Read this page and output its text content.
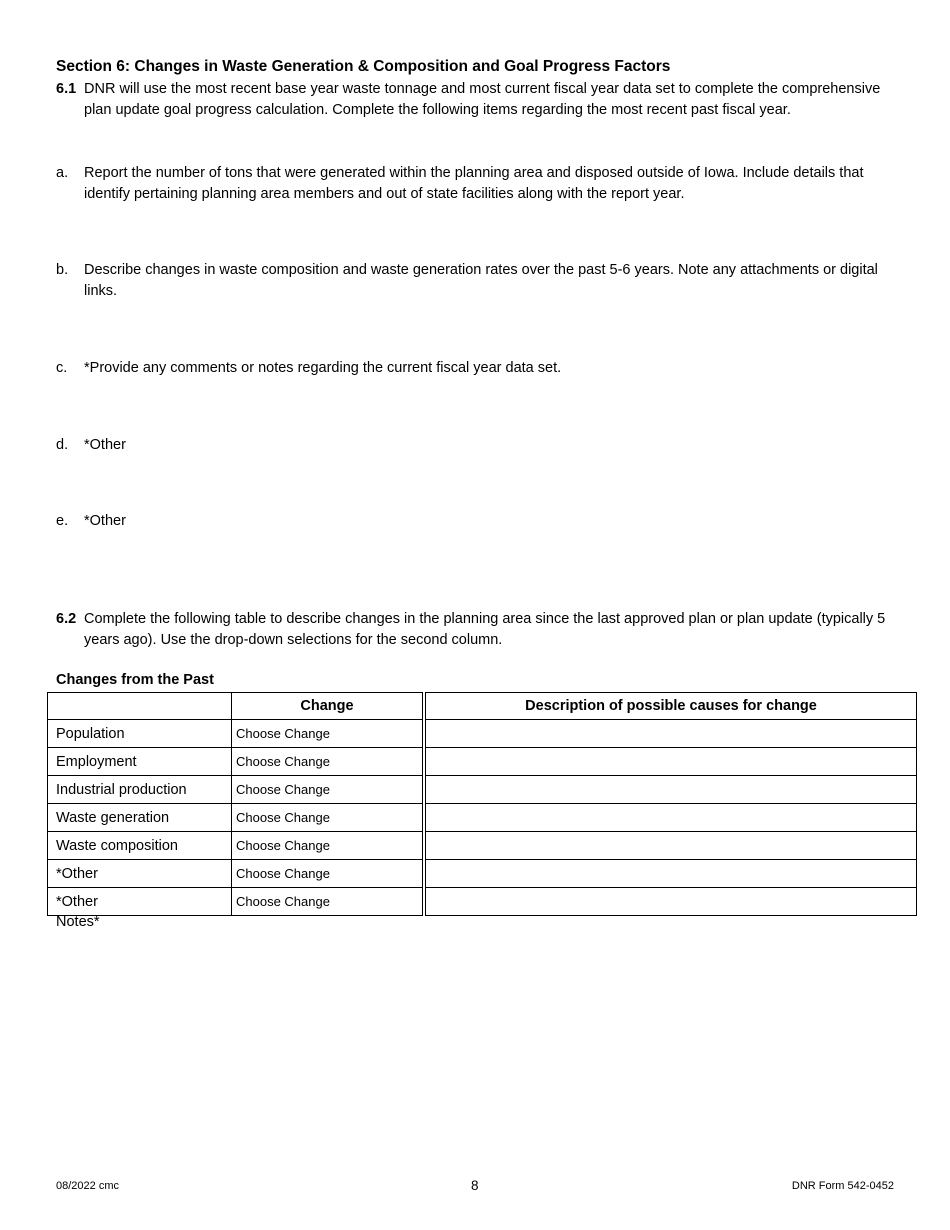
Section 6: Changes in Waste Generation & Composition and Goal Progress Factors
6.1 DNR will use the most recent base year waste tonnage and most current fiscal year data set to complete the comprehensive plan update goal progress calculation. Complete the following items regarding the most recent past fiscal year.
a. Report the number of tons that were generated within the planning area and disposed outside of Iowa. Include details that identify pertaining planning area members and out of state facilities along with the report year.
b. Describe changes in waste composition and waste generation rates over the past 5-6 years. Note any attachments or digital links.
c. *Provide any comments or notes regarding the current fiscal year data set.
d. *Other
e. *Other
6.2 Complete the following table to describe changes in the planning area since the last approved plan or plan update (typically 5 years ago). Use the drop-down selections for the second column.
Changes from the Past
	Change		Description of possible causes for change
Population	Choose Change		
Employment	Choose Change		
Industrial production	Choose Change		
Waste generation	Choose Change		
Waste composition	Choose Change		
*Other	Choose Change		
*Other	Choose Change		
Notes*
08/2022 cmc	8	DNR Form 542-0452
